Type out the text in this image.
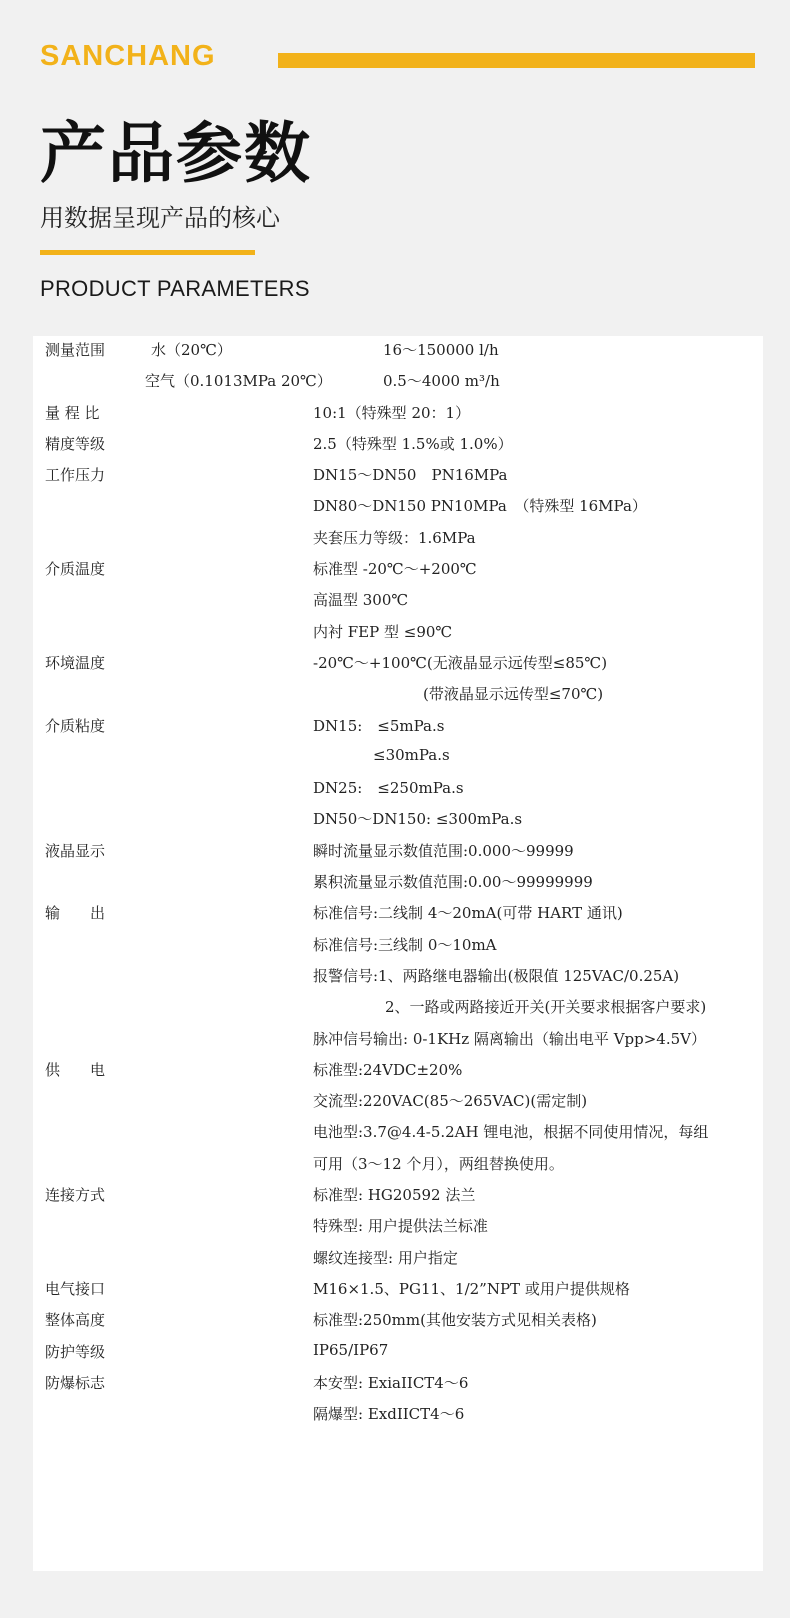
SANCHANG
产品参数
用数据呈现产品的核心
PRODUCT PARAMETERS
测量范围	水（20℃）	16～150000 l/h
空气（0.1013MPa 20℃）	0.5～4000 m³/h
量 程 比	10:1（特殊型 20：1）
精度等级	2.5（特殊型 1.5%或 1.0%）
工作压力	DN15～DN50　PN16MPa
DN80～DN150 PN10MPa　（特殊型 16MPa）
夹套压力等级：1.6MPa
介质温度	标准型 -20℃～+200℃
高温型 300℃
内衬 FEP 型 ≤90℃
环境温度	-20℃～+100℃(无液晶显示远传型≤85℃)
(带液晶显示远传型≤70℃)
介质粘度	DN15:　≤5mPa.s
≤30mPa.s
DN25:　≤250mPa.s
DN50～DN150: ≤300mPa.s
液晶显示	瞬时流量显示数值范围:0.000～99999
累积流量显示数值范围:0.00～99999999
输　　出	标准信号:二线制 4～20mA(可带 HART 通讯)
标准信号:三线制 0～10mA
报警信号:1、两路继电器输出(极限值 125VAC/0.25A)
2、一路或两路接近开关(开关要求根据客户要求)
脉冲信号输出: 0-1KHz 隔离输出（输出电平 Vpp>4.5V）
供　　电	标准型:24VDC±20%
交流型:220VAC(85～265VAC)(需定制)
电池型:3.7@4.4-5.2AH 锂电池，根据不同使用情况，每组
可用（3～12 个月），两组替换使用。
连接方式	标准型: HG20592 法兰
特殊型: 用户提供法兰标准
螺纹连接型: 用户指定
电气接口	M16×1.5、PG11、1/2”NPT 或用户提供规格
整体高度	标准型:250mm(其他安装方式见相关表格)
防护等级	IP65/IP67
防爆标志	本安型: ExiaIICT4～6
隔爆型: ExdIICT4～6
